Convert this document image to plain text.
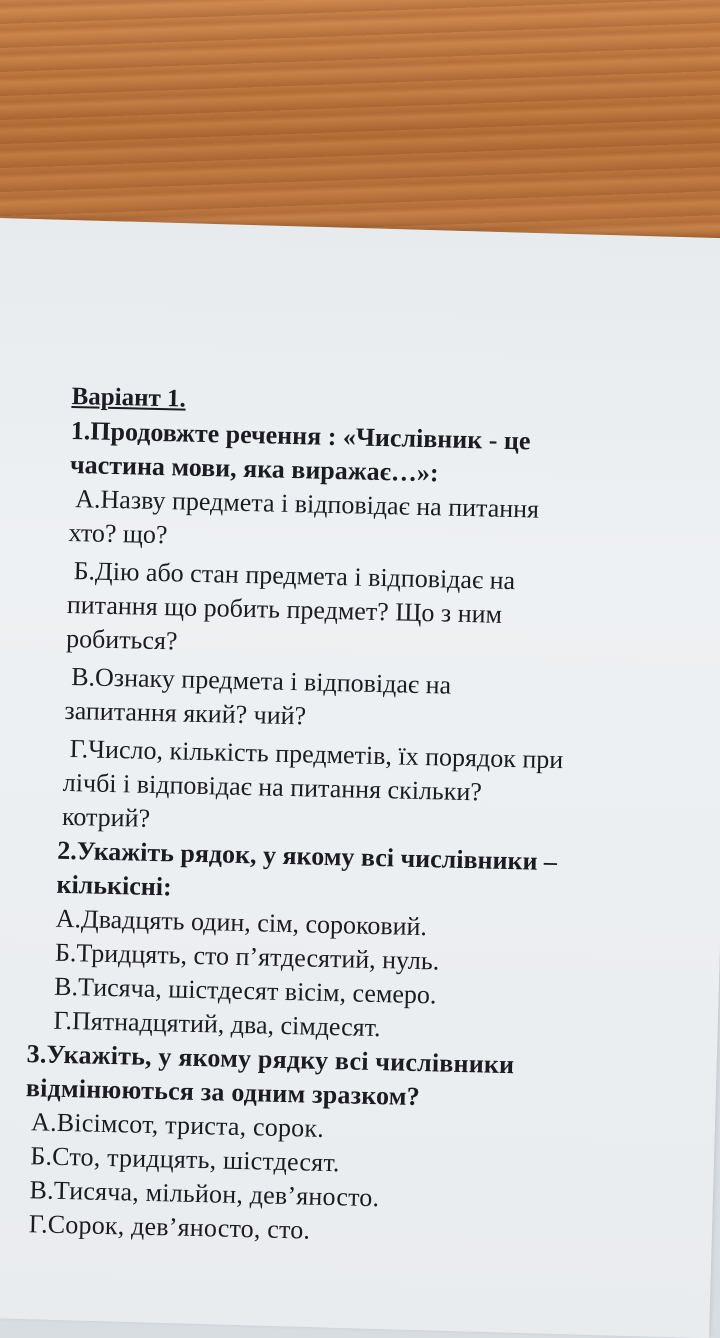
Варіант 1.
1.Продовжте речення : «Числівник - це
частина мови, яка виражає…»:
А.Назву предмета і відповідає на питання
хто? що?
Б.Дію або стан предмета і відповідає на
питання що робить предмет? Що з ним
робиться?
В.Ознаку предмета і відповідає на
запитання який? чий?
Г.Число, кількість предметів, їх порядок при
лічбі і відповідає на питання скільки?
котрий?
2.Укажіть рядок, у якому всі числівники –
кількісні:
А.Двадцять один, сім, сороковий.
Б.Тридцять, сто п’ятдесятий, нуль.
В.Тисяча, шістдесят вісім, семеро.
Г.Пятнадцятий, два, сімдесят.
3.Укажіть, у якому рядку всі числівники
відмінюються за одним зразком?
А.Вісімсот, триста, сорок.
Б.Сто, тридцять, шістдесят.
В.Тисяча, мільйон, дев’яносто.
Г.Сорок, дев’яносто, сто.
